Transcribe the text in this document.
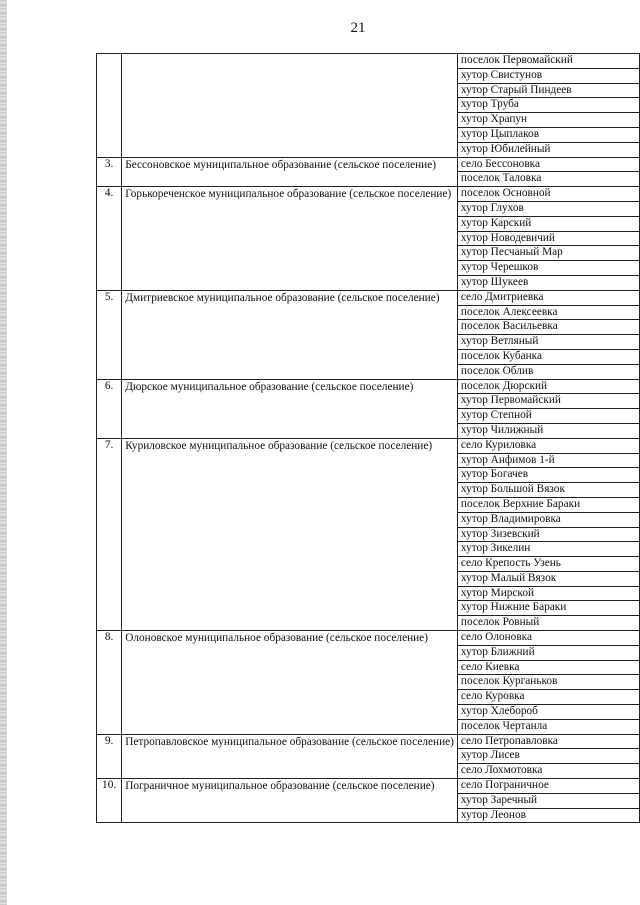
21
		поселок Первомайский
		хутор Свистунов
		хутор Старый Пиндеев
		хутор Труба
		хутор Храпун
		хутор Цыплаков
		хутор Юбилейный
3.	Бессоновское муниципальное образование (сельское поселение)	село Бессоновка
		поселок Таловка
4.	Горькореченское муниципальное образование (сельское поселение)	поселок Основной
		хутор Глухов
		хутор Карский
		хутор Новодевичий
		хутор Песчаный Мар
		хутор Черешков
		хутор Шукеев
5.	Дмитриевское муниципальное образование (сельское поселение)	село Дмитриевка
		поселок Алексеевка
		поселок Васильевка
		хутор Ветляный
		поселок Кубанка
		поселок Облив
6.	Дюрское муниципальное образование (сельское поселение)	поселок Дюрский
		хутор Первомайский
		хутор Степной
		хутор Чилижный
7.	Куриловское муниципальное образование (сельское поселение)	село Куриловка
		хутор Анфимов 1-й
		хутор Богачев
		хутор Большой Вязок
		поселок Верхние Бараки
		хутор Владимировка
		хутор Зизевский
		хутор Зикелин
		село Крепость Узень
		хутор Малый Вязок
		хутор Мирской
		хутор Нижние Бараки
		поселок Ровный
8.	Олоновское муниципальное образование (сельское поселение)	село Олоновка
		хутор Ближний
		село Киевка
		поселок Курганьков
		село Куровка
		хутор Хлебороб
		поселок Чертанла
9.	Петропавловское муниципальное образование (сельское поселение)	село Петропавловка
		хутор Лисев
		село Лохмотовка
10.	Пограничное муниципальное образование (сельское поселение)	село Пограничное
		хутор Заречный
		хутор Леонов
